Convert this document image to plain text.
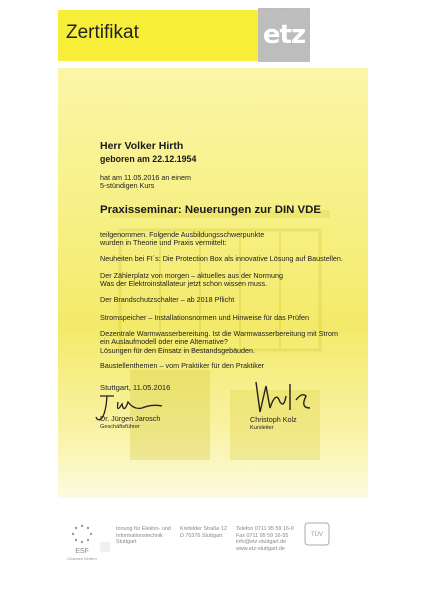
Zertifikat
· · · · · · · ·
etz
Herr Volker Hirth
geboren am 22.12.1954
hat am 11.05.2016 an einem
5-stündigen Kurs
Praxisseminar: Neuerungen zur DIN VDE
teilgenommen. Folgende Ausbildungsschwerpunkte
wurden in Theorie und Praxis vermittelt:
Neuheiten bei FI´s: Die Protection Box als innovative Lösung auf Baustellen.
Der Zählerplatz von morgen – aktuelles aus der Normung
Was der Elektroinstallateur jetzt schon wissen muss.
Der Brandschutzschalter – ab 2018 Pflicht
Stromspeicher – Installationsnormen und Hinweise für das Prüfen
Dezentrale Warmwasserbereitung. Ist die Warmwasserbereitung mit Strom
ein Auslaufmodell oder eine Alternative?
Lösungen für den Einsatz in Bestandsgebäuden.
Baustellenthemen – vom Praktiker für den Praktiker
Stuttgart, 11.05.2016
Dr. Jürgen Jarosch
Geschäftsführer
Christoph Kolz
Kursleiter
ESF
Chancen fördern
Innung für Elektro- und
Informationstechnik
Stuttgart
Krefelder Straße 12
D 70376 Stuttgart
Telefon 0711 95 59 16-0
Fax 0711 95 59 16-55
info@etz-stuttgart.de
www.etz-stuttgart.de
TÜV
